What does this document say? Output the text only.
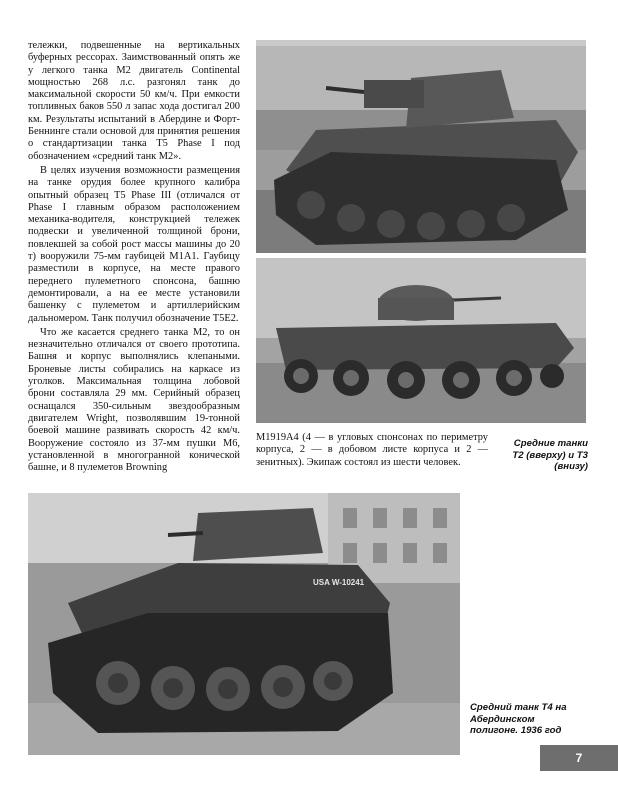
тележки, подвешенные на вертикальных буферных рессорах. Заимствованный опять же у легкого танка M2 двигатель Continental мощностью 268 л.с. разгонял танк до максимальной скорости 50 км/ч. При емкости топливных баков 550 л запас хода достигал 200 км. Результаты испытаний в Абердине и Форт-Беннинге стали основой для принятия решения о стандартизации танка T5 Phase I под обозначением «средний танк M2».

В целях изучения возможности размещения на танке орудия более крупного калибра опытный образец T5 Phase III (отличался от Phase I главным образом расположением механика-водителя, конструкцией тележек подвески и увеличенной толщиной брони, повлекшей за собой рост массы машины до 20 т) вооружили 75-мм гаубицей M1A1. Гаубицу разместили в корпусе, на месте правого переднего пулеметного спонсона, башню демонтировали, а на ее месте установили башенку с пулеметом и артиллерийским дальномером. Танк получил обозначение T5E2.

Что же касается среднего танка M2, то он незначительно отличался от своего прототипа. Башня и корпус выполнялись клепаными. Броневые листы собирались на каркасе из уголков. Максимальная толщина лобовой брони составляла 29 мм. Серийный образец оснащался 350-сильным звездообразным двигателем Wright, позволявшим 19-тонной боевой машине развивать скорость 42 км/ч. Вооружение состояло из 37-мм пушки M6, установленной в многогранной конической башне, и 8 пулеметов Browning

M1919A4 (4 — в угловых спонсонах по периметру корпуса, 2 — в добовом листе корпуса и 2 — зенитных). Экипаж состоял из шести человек.
Средние танки T2 (вверху) и T3 (внизу)
USA W-10241
Средний танк T4 на Абердинском полигоне. 1936 год
7
